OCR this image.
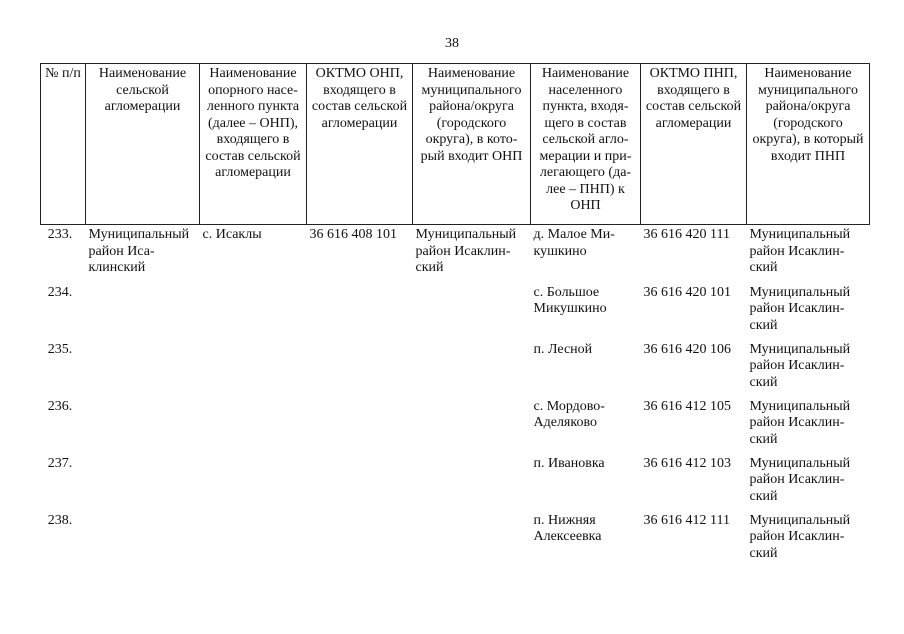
38
№ п/п	Наименование сельской агломерации	Наименование опорного населенного пункта (далее – ОНП), входящего в состав сельской агломерации	ОКТМО ОНП, входящего в состав сельской агломерации	Наименование муниципального района/округа (городского округа), в который входит ОНП	Наименование населенного пункта, входящего в состав сельской агломерации и прилегающего (далее – ПНП) к ОНП	ОКТМО ПНП, входящего в состав сельской агломерации	Наименование муниципального района/округа (городского округа), в который входит ПНП
233.	Муниципальный район Исаклинский	с. Исаклы	36 616 408 101	Муниципальный район Исаклинский	д. Малое Микушкино	36 616 420 111	Муниципальный район Исаклинский
234.					с. Большое Микушкино	36 616 420 101	Муниципальный район Исаклинский
235.					п. Лесной	36 616 420 106	Муниципальный район Исаклинский
236.					с. Мордово-Аделяково	36 616 412 105	Муниципальный район Исаклинский
237.					п. Ивановка	36 616 412 103	Муниципальный район Исаклинский
238.					п. Нижняя Алексеевка	36 616 412 111	Муниципальный район Исаклинский
